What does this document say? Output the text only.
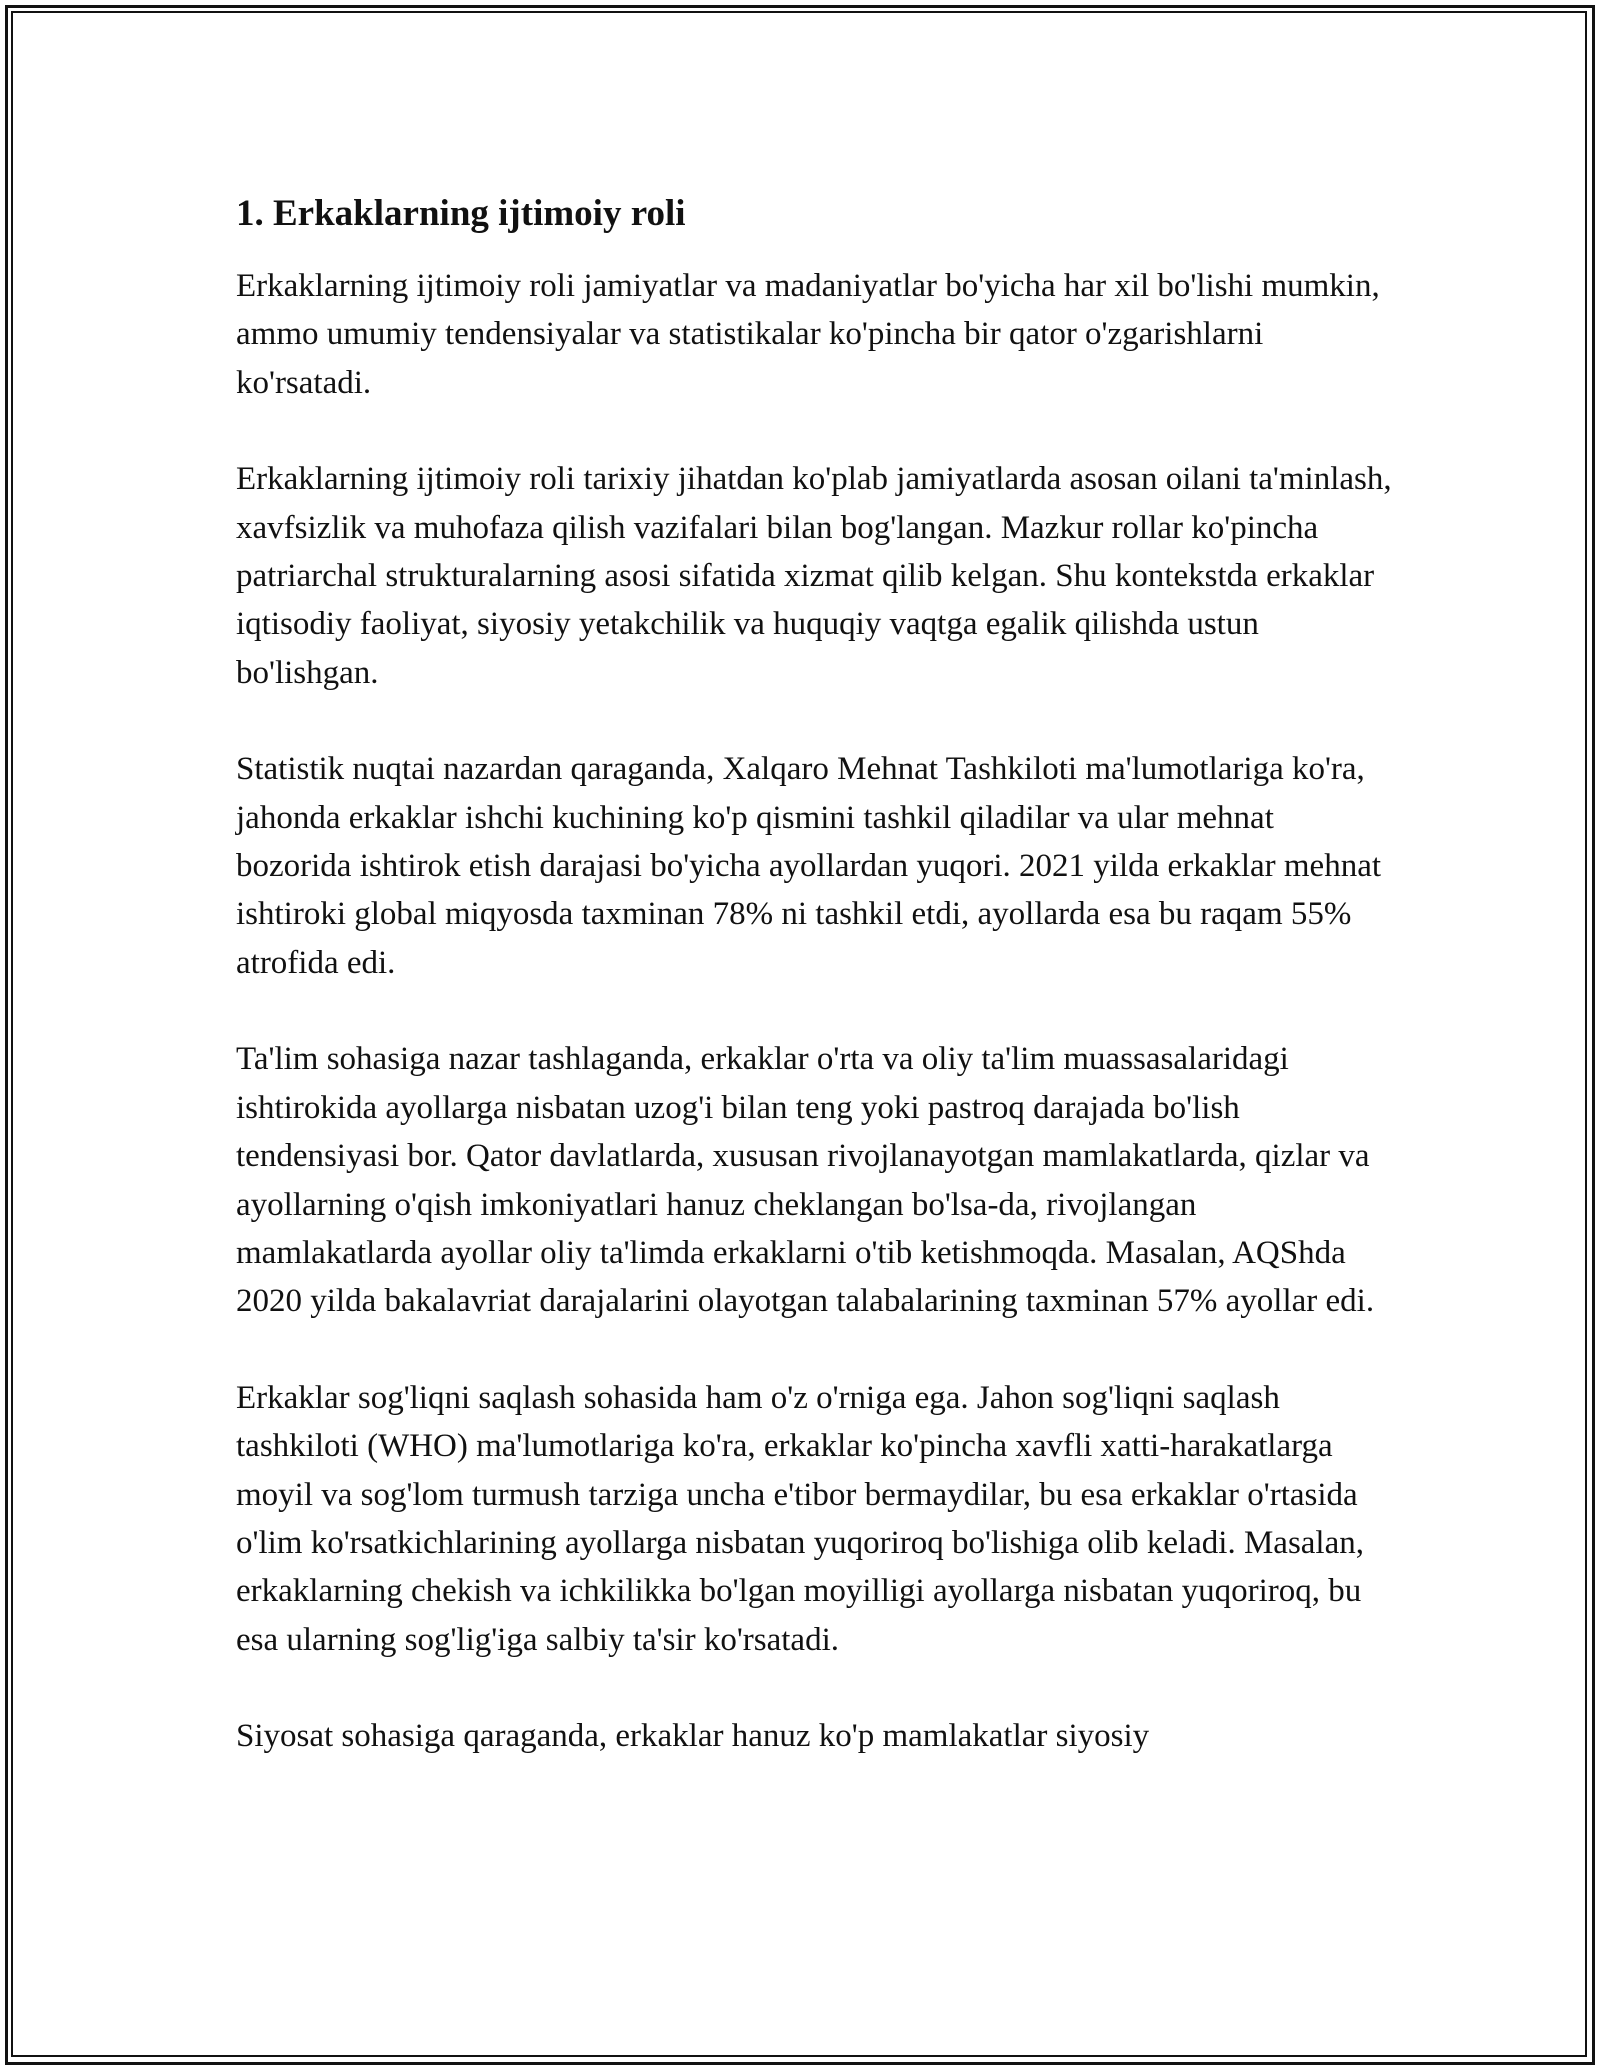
1. Erkaklarning ijtimoiy roli

Erkaklarning ijtimoiy roli jamiyatlar va madaniyatlar bo'yicha har xil bo'lishi mumkin, ammo umumiy tendensiyalar va statistikalar ko'pincha bir qator o'zgarishlarni ko'rsatadi.

Erkaklarning ijtimoiy roli tarixiy jihatdan ko'plab jamiyatlarda asosan oilani ta'minlash, xavfsizlik va muhofaza qilish vazifalari bilan bog'langan. Mazkur rollar ko'pincha patriarchal strukturalarning asosi sifatida xizmat qilib kelgan. Shu kontekstda erkaklar iqtisodiy faoliyat, siyosiy yetakchilik va huquqiy vaqtga egalik qilishda ustun bo'lishgan.

Statistik nuqtai nazardan qaraganda, Xalqaro Mehnat Tashkiloti ma'lumotlariga ko'ra, jahonda erkaklar ishchi kuchining ko'p qismini tashkil qiladilar va ular mehnat bozorida ishtirok etish darajasi bo'yicha ayollardan yuqori. 2021 yilda erkaklar mehnat ishtiroki global miqyosda taxminan 78% ni tashkil etdi, ayollarda esa bu raqam 55% atrofida edi.

Ta'lim sohasiga nazar tashlaganda, erkaklar o'rta va oliy ta'lim muassasalaridagi ishtirokida ayollarga nisbatan uzog'i bilan teng yoki pastroq darajada bo'lish tendensiyasi bor. Qator davlatlarda, xususan rivojlanayotgan mamlakatlarda, qizlar va ayollarning o'qish imkoniyatlari hanuz cheklangan bo'lsa-da, rivojlangan mamlakatlarda ayollar oliy ta'limda erkaklarni o'tib ketishmoqda. Masalan, AQShda 2020 yilda bakalavriat darajalarini olayotgan talabalarining taxminan 57% ayollar edi.

Erkaklar sog'liqni saqlash sohasida ham o'z o'rniga ega. Jahon sog'liqni saqlash tashkiloti (WHO) ma'lumotlariga ko'ra, erkaklar ko'pincha xavfli xatti-harakatlarga moyil va sog'lom turmush tarziga uncha e'tibor bermaydilar, bu esa erkaklar o'rtasida o'lim ko'rsatkichlarining ayollarga nisbatan yuqoriroq bo'lishiga olib keladi. Masalan, erkaklarning chekish va ichkilikka bo'lgan moyilligi ayollarga nisbatan yuqoriroq, bu esa ularning sog'lig'iga salbiy ta'sir ko'rsatadi.

Siyosat sohasiga qaraganda, erkaklar hanuz ko'p mamlakatlar siyosiy
